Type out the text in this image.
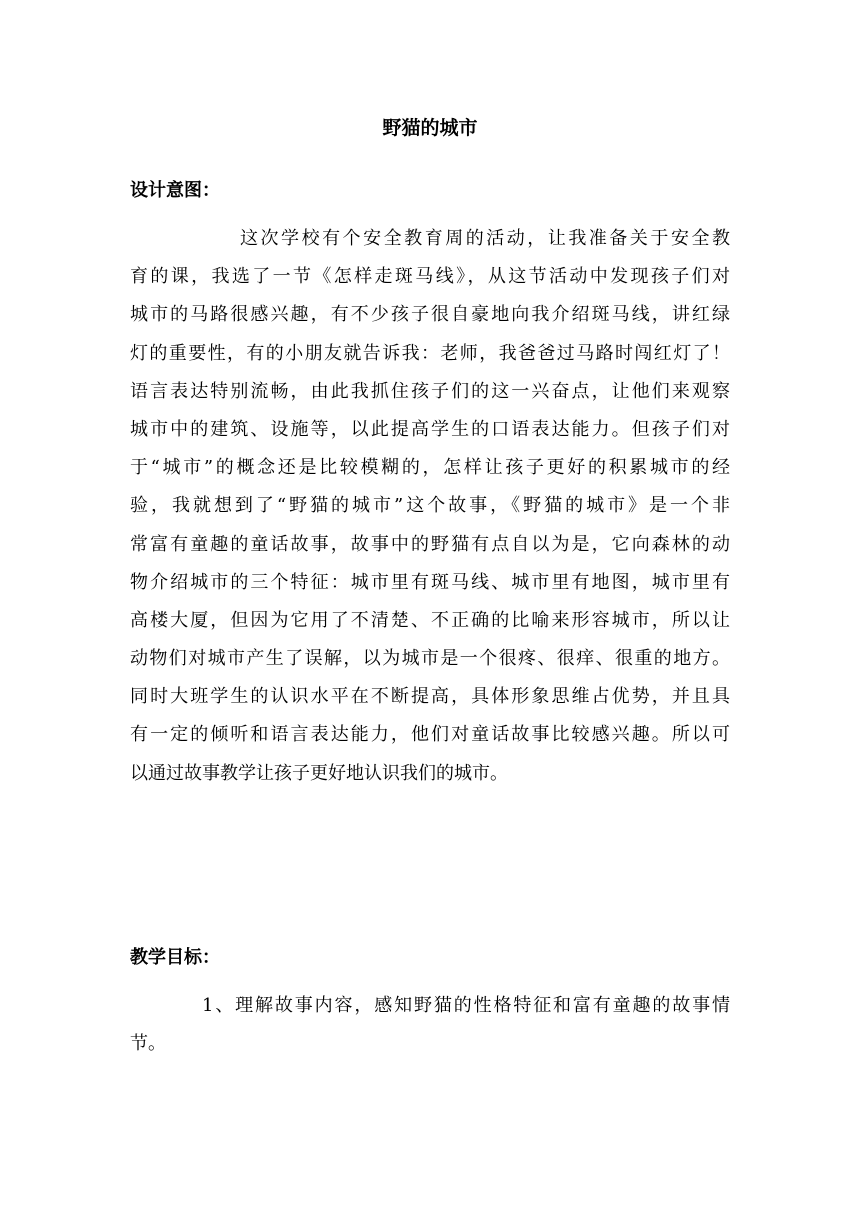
野猫的城市
设计意图：
这次学校有个安全教育周的活动，让我准备关于安全教
育的课，我选了一节《怎样走斑马线》，从这节活动中发现孩子们对
城市的马路很感兴趣，有不少孩子很自豪地向我介绍斑马线，讲红绿
灯的重要性，有的小朋友就告诉我：老师，我爸爸过马路时闯红灯了！
语言表达特别流畅，由此我抓住孩子们的这一兴奋点，让他们来观察
城市中的建筑、设施等，以此提高学生的口语表达能力。但孩子们对
于“城市”的概念还是比较模糊的，怎样让孩子更好的积累城市的经
验，我就想到了“野猫的城市”这个故事，《野猫的城市》是一个非
常富有童趣的童话故事，故事中的野猫有点自以为是，它向森林的动
物介绍城市的三个特征：城市里有斑马线、城市里有地图，城市里有
高楼大厦，但因为它用了不清楚、不正确的比喻来形容城市，所以让
动物们对城市产生了误解，以为城市是一个很疼、很痒、很重的地方。
同时大班学生的认识水平在不断提高，具体形象思维占优势，并且具
有一定的倾听和语言表达能力，他们对童话故事比较感兴趣。所以可
以通过故事教学让孩子更好地认识我们的城市。
教学目标：
1、理解故事内容，感知野猫的性格特征和富有童趣的故事情
节。
